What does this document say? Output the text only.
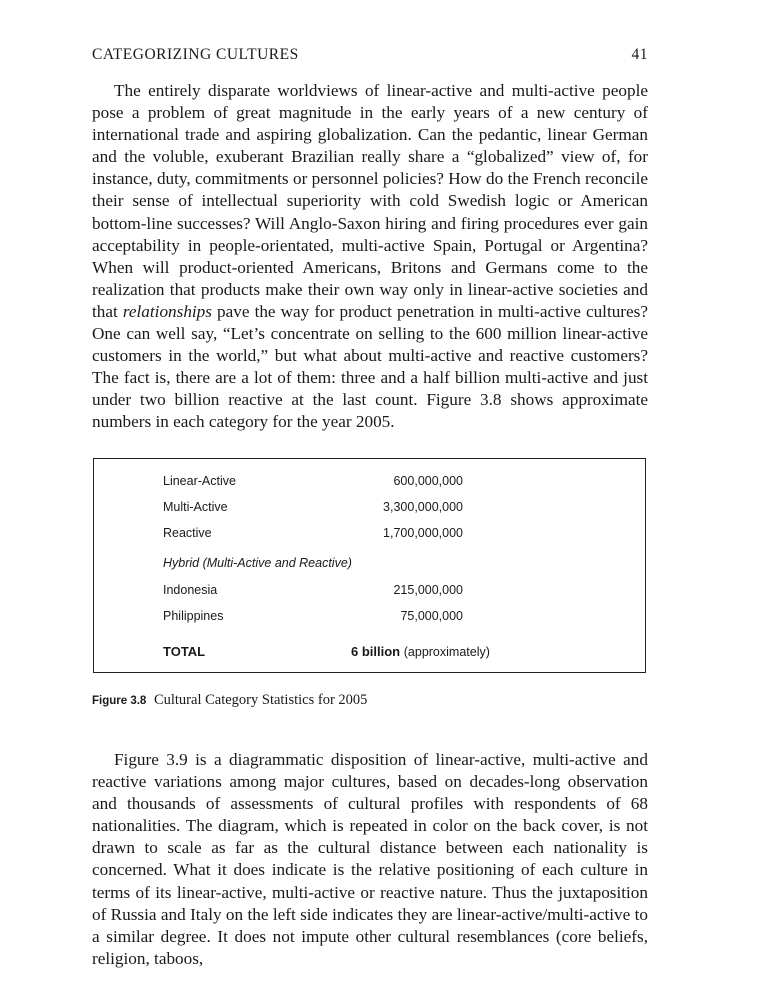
CATEGORIZING CULTURES	41

The entirely disparate worldviews of linear-active and multi-active people pose a problem of great magnitude in the early years of a new century of international trade and aspiring globalization. Can the pedantic, linear German and the voluble, exuberant Brazilian really share a “globalized” view of, for instance, duty, commitments or personnel policies? How do the French reconcile their sense of intellectual superiority with cold Swedish logic or American bottom-line successes? Will Anglo-Saxon hiring and firing procedures ever gain acceptability in people-orientated, multi-active Spain, Portugal or Argentina? When will product-oriented Americans, Britons and Germans come to the realization that products make their own way only in linear-active societies and that relationships pave the way for product penetration in multi-active cultures? One can well say, “Let’s concentrate on selling to the 600 million linear-active customers in the world,” but what about multi-active and reactive customers? The fact is, there are a lot of them: three and a half billion multi-active and just under two billion reactive at the last count. Figure 3.8 shows approximate numbers in each category for the year 2005.

Linear-Active	600,000,000
Multi-Active	3,300,000,000
Reactive	1,700,000,000
Hybrid (Multi-Active and Reactive)
Indonesia	215,000,000
Philippines	75,000,000
TOTAL	6 billion (approximately)
Figure 3.8 Cultural Category Statistics for 2005

Figure 3.9 is a diagrammatic disposition of linear-active, multi-active and reactive variations among major cultures, based on decades-long observation and thousands of assessments of cultural profiles with respondents of 68 nationalities. The diagram, which is repeated in color on the back cover, is not drawn to scale as far as the cultural distance between each nationality is concerned. What it does indicate is the relative positioning of each culture in terms of its linear-active, multi-active or reactive nature. Thus the juxtaposition of Russia and Italy on the left side indicates they are linear-active/multi-active to a similar degree. It does not impute other cultural resemblances (core beliefs, religion, taboos,
